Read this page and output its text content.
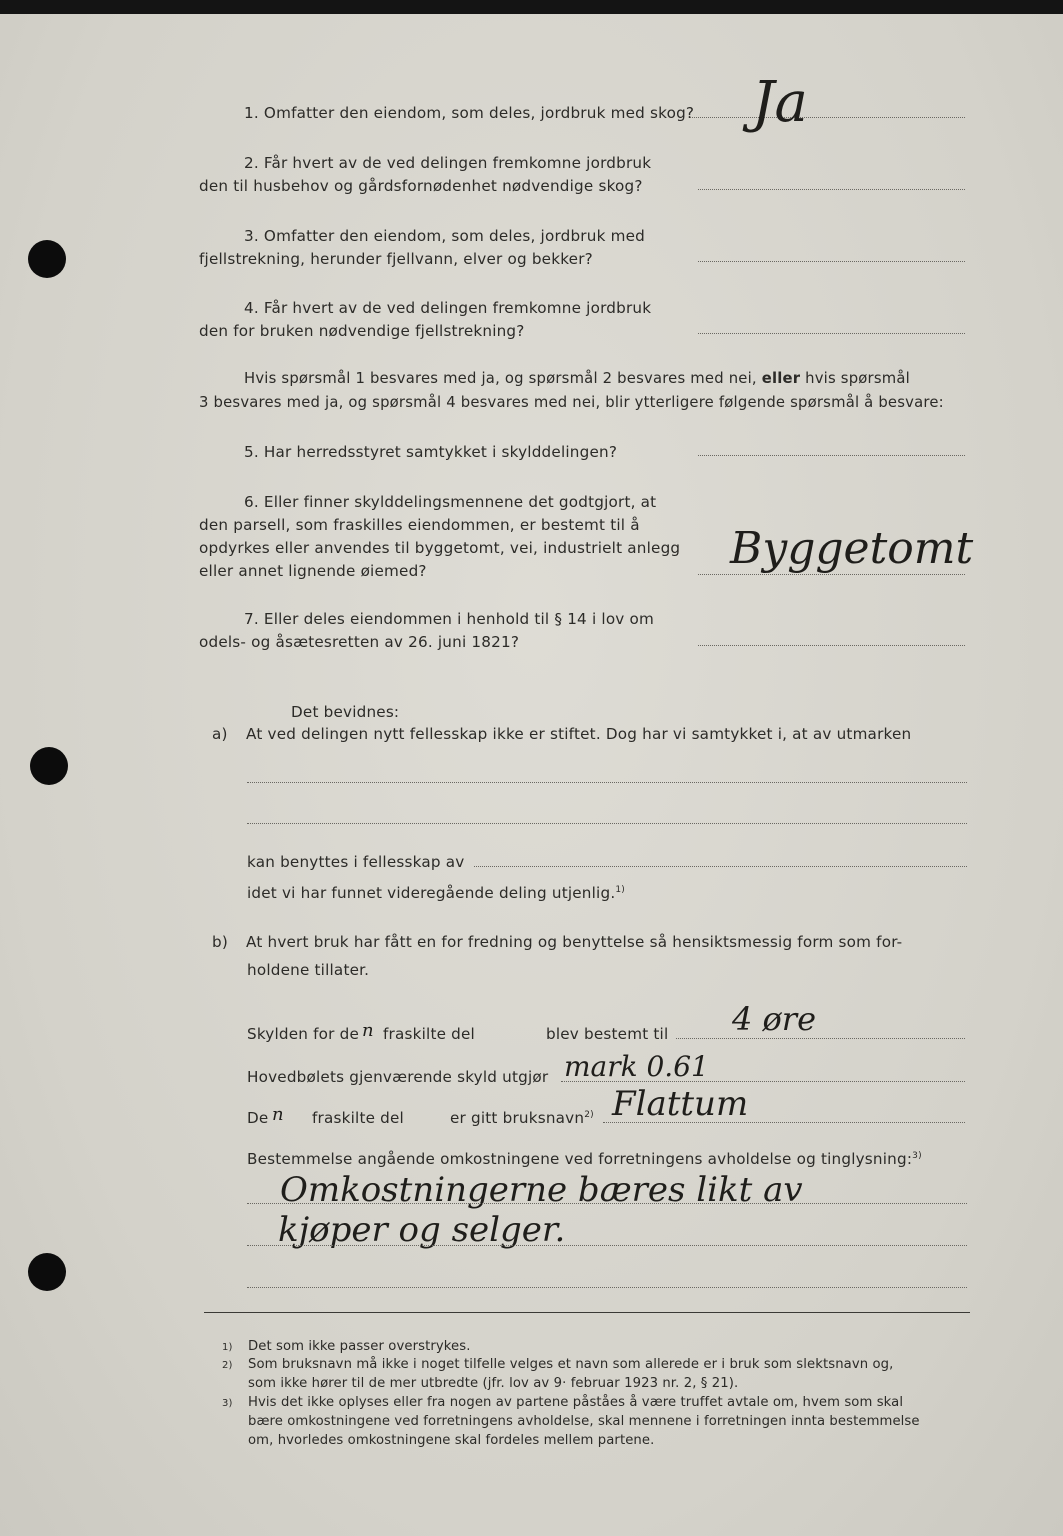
1. Omfatter den eiendom, som deles, jordbruk med skog? Ja
2. Får hvert av de ved delingen fremkomne jordbruk
den til husbehov og gårdsfornødenhet nødvendige skog?
3. Omfatter den eiendom, som deles, jordbruk med
fjellstrekning, herunder fjellvann, elver og bekker?
4. Får hvert av de ved delingen fremkomne jordbruk
den for bruken nødvendige fjellstrekning?
Hvis spørsmål 1 besvares med ja, og spørsmål 2 besvares med nei, eller hvis spørsmål
3 besvares med ja, og spørsmål 4 besvares med nei, blir ytterligere følgende spørsmål å besvare:
5. Har herredsstyret samtykket i skylddelingen?
6. Eller finner skylddelingsmennene det godtgjort, at
den parsell, som fraskilles eiendommen, er bestemt til å
opdyrkes eller anvendes til byggetomt, vei, industrielt anlegg
eller annet lignende øiemed?	Byggetomt
7. Eller deles eiendommen i henhold til § 14 i lov om
odels- og åsætesretten av 26. juni 1821?
Det bevidnes:
a) At ved delingen nytt fellesskap ikke er stiftet. Dog har vi samtykket i, at av utmarken
kan benyttes i fellesskap av
idet vi har funnet videregående deling utjenlig.$^{1)}$
b) At hvert bruk har fått en for fredning og benyttelse så hensiktsmessig form som for-
holdene tillater.
Skylden for de n fraskilte del	blev bestemt til 4 øre
Hovedbølets gjenværende skyld utgjør mark 0.61
De n fraskilte del	er gitt bruksnavn$^{2)}$ Flattum
Bestemmelse angående omkostningene ved forretningens avholdelse og tinglysning:$^{3)}$
Omkostningerne bæres likt av
kjøper og selger.
1) Det som ikke passer overstrykes.
2) Som bruksnavn må ikke i noget tilfelle velges et navn som allerede er i bruk som slektsnavn og,
som ikke hører til de mer utbredte (jfr. lov av 9· februar 1923 nr. 2, § 21).
3) Hvis det ikke oplyses eller fra nogen av partene påståes å være truffet avtale om, hvem som skal
bære omkostningene ved forretningens avholdelse, skal mennene i forretningen innta bestemmelse
om, hvorledes omkostningene skal fordeles mellem partene.
